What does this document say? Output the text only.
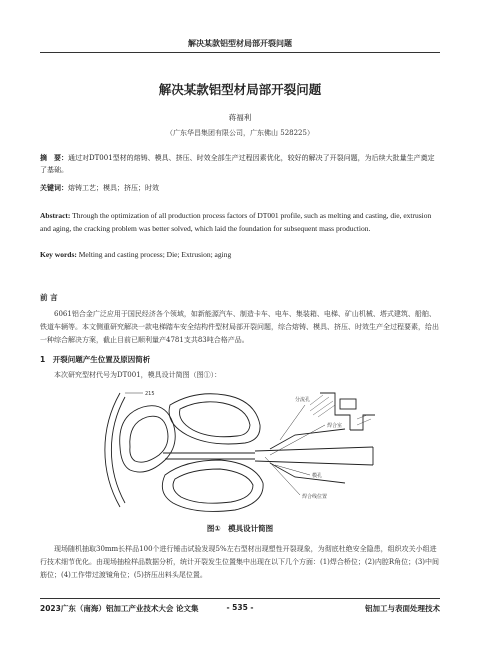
解决某款铝型材局部开裂问题
解决某款铝型材局部开裂问题
蒋福利
（广东华昌集团有限公司，广东佛山 528225）
摘　要：通过对DT001型材的熔铸、模具、挤压、时效全部生产过程因素优化，较好的解决了开裂问题，为后续大批量生产奠定了基础。
关键词：熔铸工艺；模具；挤压；时效
Abstract: Through the optimization of all production process factors of DT001 profile, such as melting and casting, die, extrusion and aging, the cracking problem was better solved, which laid the foundation for subsequent mass production.
Key words: Melting and casting process; Die; Extrusion; aging
前 言
6061铝合金广泛应用于国民经济各个领域，如新能源汽车、制造卡车、电车、集装箱、电梯、矿山机械、塔式建筑、船舶、铁道车辆等。本文侧重研究解决一款电梯踏车安全结构件型材局部开裂问题，综合熔铸、模具、挤压、时效生产全过程要素，给出一种综合解决方案，截止目前已顺利量产4781支共83吨合格产品。
1　开裂问题产生位置及原因简析
本次研究型材代号为DT001，模具设计简图（图①）：
215
分流孔
焊合室
模孔
焊合线位置
图①　模具设计简图
现场随机抽取30mm长样品100个进行锤击试验发现5%左右型材出现塑性开裂现象，为彻底杜绝安全隐患，组织攻关小组进行技术细节优化。由现场抽检样品数据分析，统计开裂发生位置集中出现在以下几个方面：(1)焊合桥位；(2)内腔R角位；(3)中间筋位；(4)工作带过渡镜角位；(5)挤压出料头尾位置。
2023广东（南海）铝加工产业技术大会 论文集	- 535 -	铝加工与表面处理技术
